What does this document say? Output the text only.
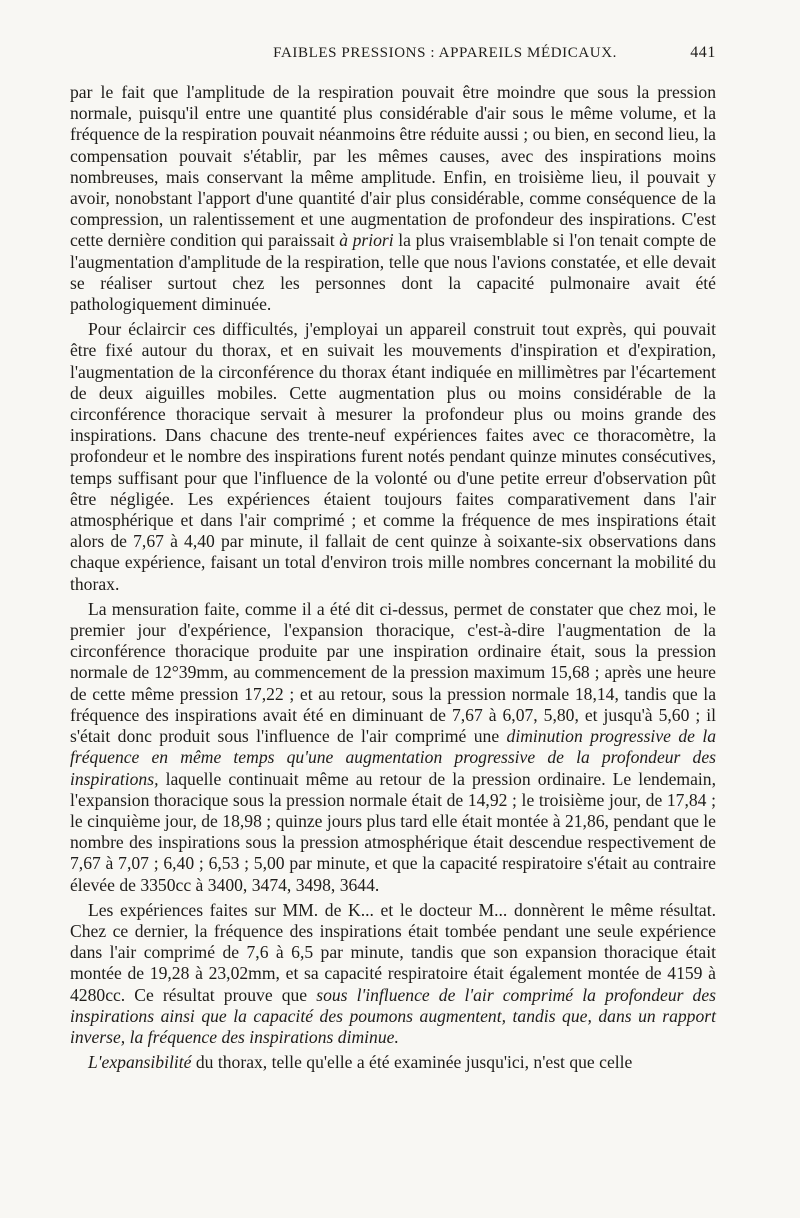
FAIBLES PRESSIONS : APPAREILS MÉDICAUX.	441

par le fait que l'amplitude de la respiration pouvait être moindre que sous la pression normale, puisqu'il entre une quantité plus considérable d'air sous le même volume, et la fréquence de la respiration pouvait néanmoins être réduite aussi ; ou bien, en second lieu, la compensation pouvait s'établir, par les mêmes causes, avec des inspirations moins nombreuses, mais conservant la même amplitude. Enfin, en troisième lieu, il pouvait y avoir, nonobstant l'apport d'une quantité d'air plus considérable, comme conséquence de la compression, un ralentissement et une augmentation de profondeur des inspirations. C'est cette dernière condition qui paraissait à priori la plus vraisemblable si l'on tenait compte de l'augmentation d'amplitude de la respiration, telle que nous l'avions constatée, et elle devait se réaliser surtout chez les personnes dont la capacité pulmonaire avait été pathologiquement diminuée.

Pour éclaircir ces difficultés, j'employai un appareil construit tout exprès, qui pouvait être fixé autour du thorax, et en suivait les mouvements d'inspiration et d'expiration, l'augmentation de la circonférence du thorax étant indiquée en millimètres par l'écartement de deux aiguilles mobiles. Cette augmentation plus ou moins considérable de la circonférence thoracique servait à mesurer la profondeur plus ou moins grande des inspirations. Dans chacune des trente-neuf expériences faites avec ce thoracomètre, la profondeur et le nombre des inspirations furent notés pendant quinze minutes consécutives, temps suffisant pour que l'influence de la volonté ou d'une petite erreur d'observation pût être négligée. Les expériences étaient toujours faites comparativement dans l'air atmosphérique et dans l'air comprimé ; et comme la fréquence de mes inspirations était alors de 7,67 à 4,40 par minute, il fallait de cent quinze à soixante-six observations dans chaque expérience, faisant un total d'environ trois mille nombres concernant la mobilité du thorax.

La mensuration faite, comme il a été dit ci-dessus, permet de constater que chez moi, le premier jour d'expérience, l'expansion thoracique, c'est-à-dire l'augmentation de la circonférence thoracique produite par une inspiration ordinaire était, sous la pression normale de 12°39mm, au commencement de la pression maximum 15,68 ; après une heure de cette même pression 17,22 ; et au retour, sous la pression normale 18,14, tandis que la fréquence des inspirations avait été en diminuant de 7,67 à 6,07, 5,80, et jusqu'à 5,60 ; il s'était donc produit sous l'influence de l'air comprimé une diminution progressive de la fréquence en même temps qu'une augmentation progressive de la profondeur des inspirations, laquelle continuait même au retour de la pression ordinaire. Le lendemain, l'expansion thoracique sous la pression normale était de 14,92 ; le troisième jour, de 17,84 ; le cinquième jour, de 18,98 ; quinze jours plus tard elle était montée à 21,86, pendant que le nombre des inspirations sous la pression atmosphérique était descendue respectivement de 7,67 à 7,07 ; 6,40 ; 6,53 ; 5,00 par minute, et que la capacité respiratoire s'était au contraire élevée de 3350cc à 3400, 3474, 3498, 3644.

Les expériences faites sur MM. de K... et le docteur M... donnèrent le même résultat. Chez ce dernier, la fréquence des inspirations était tombée pendant une seule expérience dans l'air comprimé de 7,6 à 6,5 par minute, tandis que son expansion thoracique était montée de 19,28 à 23,02mm, et sa capacité respiratoire était également montée de 4159 à 4280cc. Ce résultat prouve que sous l'influence de l'air comprimé la profondeur des inspirations ainsi que la capacité des poumons augmentent, tandis que, dans un rapport inverse, la fréquence des inspirations diminue.

L'expansibilité du thorax, telle qu'elle a été examinée jusqu'ici, n'est que celle
